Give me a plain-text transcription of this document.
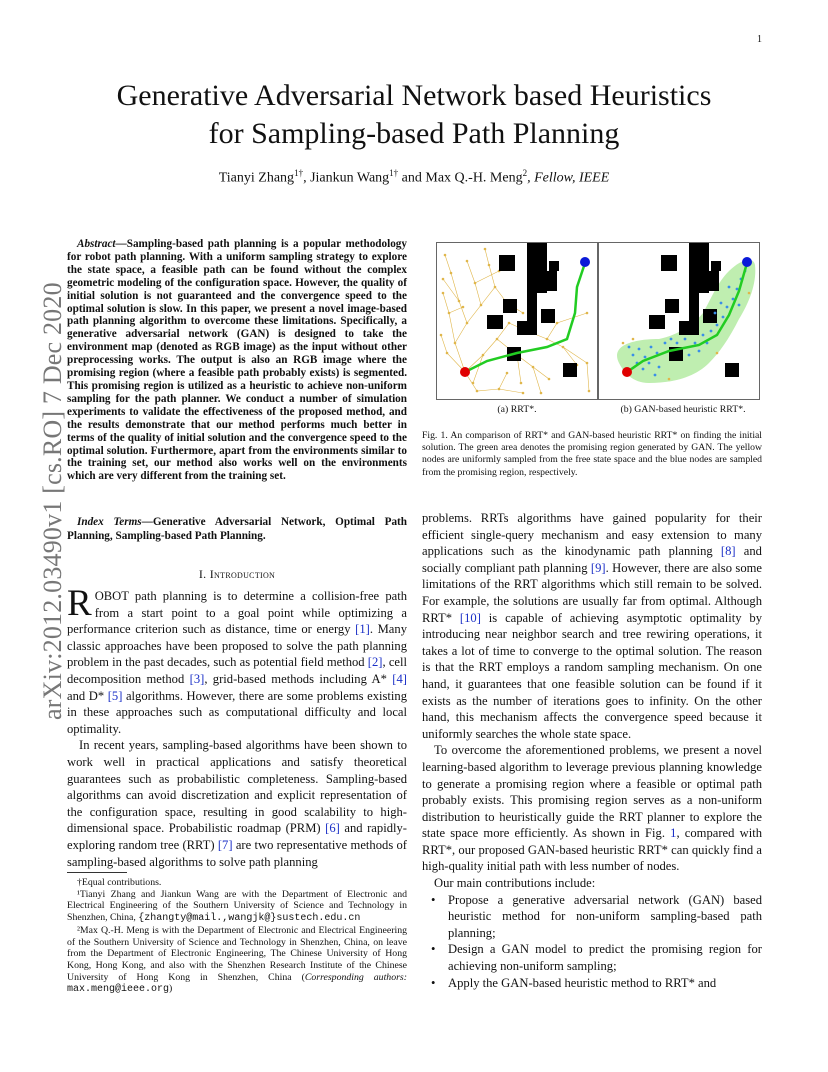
1
arXiv:2012.03490v1 [cs.RO] 7 Dec 2020
Generative Adversarial Network based Heuristics
for Sampling-based Path Planning
Tianyi Zhang$^{1\dagger}$, Jiankun Wang$^{1\dagger}$ and Max Q.-H. Meng$^2$, Fellow, IEEE
Abstract—Sampling-based path planning is a popular methodology for robot path planning. With a uniform sampling strategy to explore the state space, a feasible path can be found without the complex geometric modeling of the configuration space. However, the quality of initial solution is not guaranteed and the convergence speed to the optimal solution is slow. In this paper, we present a novel image-based path planning algorithm to overcome these limitations. Specifically, a generative adversarial network (GAN) is designed to take the environment map (denoted as RGB image) as the input without other preprocessing works. The output is also an RGB image where the promising region (where a feasible path probably exists) is segmented. This promising region is utilized as a heuristic to achieve non-uniform sampling for the path planner. We conduct a number of simulation experiments to validate the effectiveness of the proposed method, and the results demonstrate that our method performs much better in terms of the quality of initial solution and the convergence speed to the optimal solution. Furthermore, apart from the environments similar to the training set, our method also works well on the environments which are very different from the training set.
Index Terms—Generative Adversarial Network, Optimal Path Planning, Sampling-based Path Planning.
I. Introduction
ROBOT path planning is to determine a collision-free path from a start point to a goal point while optimizing a performance criterion such as distance, time or energy [1]. Many classic approaches have been proposed to solve the path planning problem in the past decades, such as potential field method [2], cell decomposition method [3], grid-based methods including A* [4] and D* [5] algorithms. However, there are some problems existing in these approaches such as computational difficulty and local optimality.
In recent years, sampling-based algorithms have been shown to work well in practical applications and satisfy theoretical guarantees such as probabilistic completeness. Sampling-based algorithms can avoid discretization and explicit representation of the configuration space, resulting in good scalability to high-dimensional space. Probabilistic roadmap (PRM) [6] and rapidly-exploring random tree (RRT) [7] are two representative methods of sampling-based algorithms to solve path planning

†Equal contributions.

¹Tianyi Zhang and Jiankun Wang are with the Department of Electronic and Electrical Engineering of the Southern University of Science and Technology in Shenzhen, China, {zhangty@mail.,wangjk@}sustech.edu.cn

²Max Q.-H. Meng is with the Department of Electronic and Electrical Engineering of the Southern University of Science and Technology in Shenzhen, China, on leave from the Department of Electronic Engineering, The Chinese University of Hong Kong, Hong Kong, and also with the Shenzhen Research Institute of the Chinese University of Hong Kong in Shenzhen, China (Corresponding authors: max.meng@ieee.org)

(a) RRT*.	(b) GAN-based heuristic RRT*.
Fig. 1. An comparison of RRT* and GAN-based heuristic RRT* on finding the initial solution. The green area denotes the promising region generated by GAN. The yellow nodes are uniformly sampled from the free state space and the blue nodes are sampled from the promising region, respectively.

problems. RRTs algorithms have gained popularity for their efficient single-query mechanism and easy extension to many applications such as the kinodynamic path planning [8] and socially compliant path planning [9]. However, there are also some limitations of the RRT algorithms which still remain to be solved. For example, the solutions are usually far from optimal. Although RRT* [10] is capable of achieving asymptotic optimality by introducing near neighbor search and tree rewiring operations, it takes a lot of time to converge to the optimal solution. The reason is that the RRT employs a random sampling mechanism. On one hand, it guarantees that one feasible solution can be found if it exists as the number of iterations goes to infinity. On the other hand, this mechanism affects the convergence speed because it uniformly searches the whole state space.

To overcome the aforementioned problems, we present a novel learning-based algorithm to leverage previous planning knowledge to generate a promising region where a feasible or optimal path probably exists. This promising region serves as a non-uniform distribution to heuristically guide the RRT planner to explore the state space more efficiently. As shown in Fig. 1, compared with RRT*, our proposed GAN-based heuristic RRT* can quickly find a high-quality initial path with less number of nodes.

Our main contributions include:

• Propose a generative adversarial network (GAN) based heuristic method for non-uniform sampling-based path planning;
• Design a GAN model to predict the promising region for achieving non-uniform sampling;
• Apply the GAN-based heuristic method to RRT* and
